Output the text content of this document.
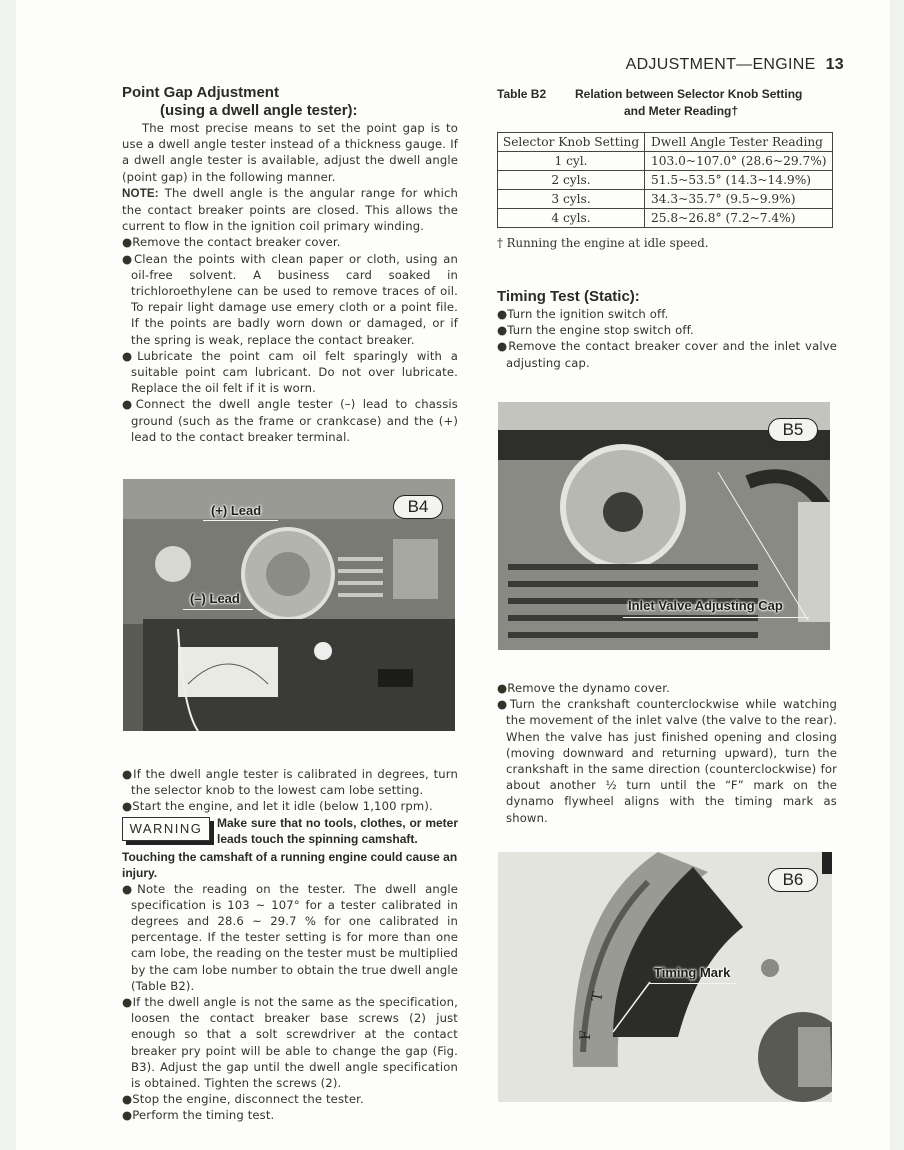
ADJUSTMENT—ENGINE 13
Point Gap Adjustment
(using a dwell angle tester):

The most precise means to set the point gap is to use a dwell angle tester instead of a thickness gauge. If a dwell angle tester is available, adjust the dwell angle (point gap) in the following manner.

NOTE: The dwell angle is the angular range for which the contact breaker points are closed. This allows the current to flow in the ignition coil primary winding.

●Remove the contact breaker cover.

●Clean the points with clean paper or cloth, using an oil-free solvent. A business card soaked in trichloroethylene can be used to remove traces of oil. To repair light damage use emery cloth or a point file. If the points are badly worn down or damaged, or if the spring is weak, replace the contact breaker.

●Lubricate the point cam oil felt sparingly with a suitable point cam lubricant. Do not over lubricate. Replace the oil felt if it is worn.

●Connect the dwell angle tester (–) lead to chassis ground (such as the frame or crankcase) and the (+) lead to the contact breaker terminal.

B4
(+) Lead
(–) Lead

●If the dwell angle tester is calibrated in degrees, turn the selector knob to the lowest cam lobe setting.

●Start the engine, and let it idle (below 1,100 rpm).

WARNING	Make sure that no tools, clothes, or meter leads touch the spinning camshaft.

Touching the camshaft of a running engine could cause an injury.

●Note the reading on the tester. The dwell angle specification is 103 ~ 107° for a tester calibrated in degrees and 28.6 ~ 29.7 % for one calibrated in percentage. If the tester setting is for more than one cam lobe, the reading on the tester must be multiplied by the cam lobe number to obtain the true dwell angle (Table B2).

●If the dwell angle is not the same as the specification, loosen the contact breaker base screws (2) just enough so that a solt screwdriver at the contact breaker pry point will be able to change the gap (Fig. B3). Adjust the gap until the dwell angle specification is obtained. Tighten the screws (2).

●Stop the engine, disconnect the tester.

●Perform the timing test.

Table B2 Relation between Selector Knob Setting
and Meter Reading†
Selector Knob Setting	Dwell Angle Tester Reading
1 cyl.	103.0~107.0° (28.6~29.7%)
2 cyls.	51.5~53.5° (14.3~14.9%)
3 cyls.	34.3~35.7° (9.5~9.9%)
4 cyls.	25.8~26.8° (7.2~7.4%)
† Running the engine at idle speed.
Timing Test (Static):

●Turn the ignition switch off.

●Turn the engine stop switch off.

●Remove the contact breaker cover and the inlet valve adjusting cap.

B5
Inlet Valve Adjusting Cap

●Remove the dynamo cover.

●Turn the crankshaft counterclockwise while watching the movement of the inlet valve (the valve to the rear). When the valve has just finished opening and closing (moving downward and returning upward), turn the crankshaft in the same direction (counterclockwise) for about another ½ turn until the “F” mark on the dynamo flywheel aligns with the timing mark as shown.

F
T
B6
Timing Mark
